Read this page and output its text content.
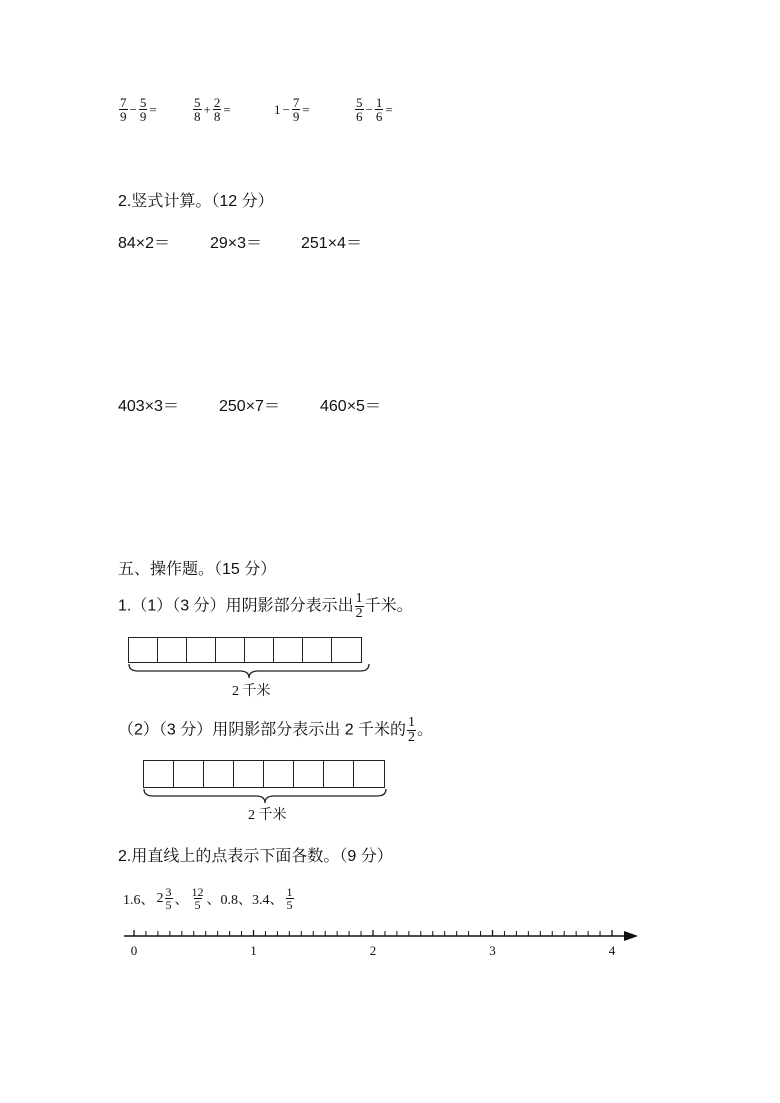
$\frac{7}{9} - \frac{5}{9}$ =	$\frac{5}{8} + \frac{2}{8}$ =	$1 - \frac{7}{9}$ =	$\frac{5}{6} - \frac{1}{6}$ =
2.竖式计算。（12 分）
84×2＝ 29×3＝ 251×4＝
403×3＝	250×7＝	460×5＝
五、操作题。（15 分）
1.（1）（3 分）用阴影部分表示出 $\frac{1}{2}$ 千米。
2 千米
（2）（3 分）用阴影部分表示出 2 千米的 $\frac{1}{2}$ 。
2 千米
2.用直线上的点表示下面各数。（9 分）
1.6、 $2 \frac{3}{5}$ 、 $\frac{12}{5}$ 、0.8、3.4、 $\frac{1}{5}$
0	1	2	3	4
